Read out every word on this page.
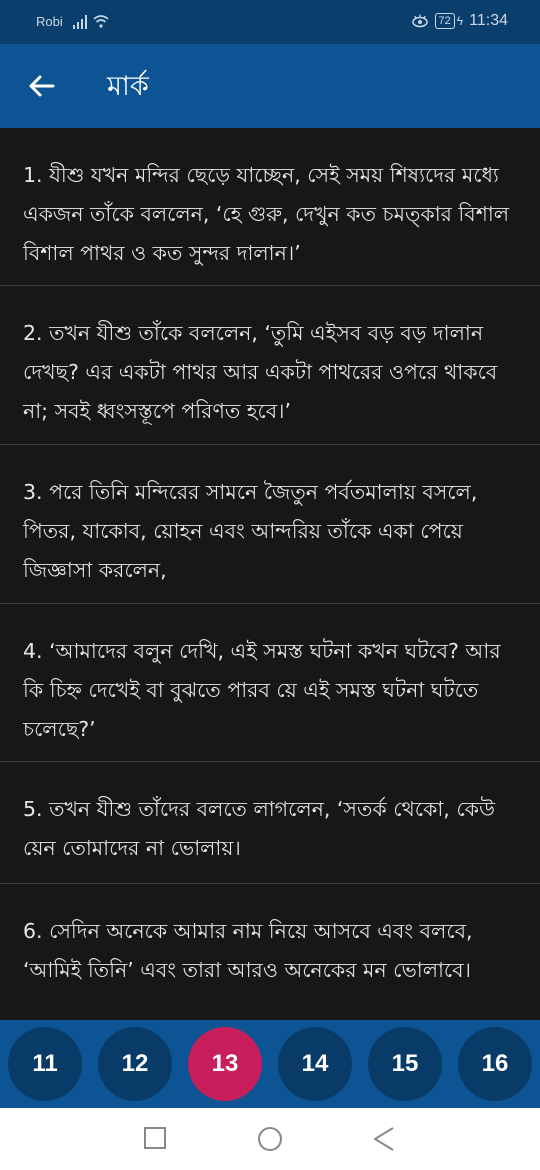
Robi	72 ϟ 11:34
মার্ক
1. যীশু যখন মন্দির ছেড়ে যাচ্ছেন, সেই সময় শিষ্যদের মধ্যে একজন তাঁকে বললেন, ‘হে গুরু, দেখুন কত চমত্কার বিশাল বিশাল পাথর ও কত সুন্দর দালান।’
2. তখন যীশু তাঁকে বললেন, ‘তুমি এইসব বড় বড় দালান দেখছ? এর একটা পাথর আর একটা পাথরের ওপরে থাকবে না; সবই ধ্বংসস্তূপে পরিণত হবে।’
3. পরে তিনি মন্দিরের সামনে জৈতুন পর্বতমালায় বসলে, পিতর, যাকোব, য়োহন এবং আন্দরিয় তাঁকে একা পেয়ে জিজ্ঞাসা করলেন,
4. ‘আমাদের বলুন দেখি, এই সমস্ত ঘটনা কখন ঘটবে? আর কি চিহ্ন দেখেই বা বুঝতে পারব য়ে এই সমস্ত ঘটনা ঘটতে চলেছে?’
5. তখন যীশু তাঁদের বলতে লাগলেন, ‘সতর্ক থেকো, কেউ য়েন তোমাদের না ভোলায়।
6. সেদিন অনেকে আমার নাম নিয়ে আসবে এবং বলবে, ‘আমিই তিনি’ এবং তারা আরও অনেকের মন ভোলাবে।
11	12	13	14	15	16
